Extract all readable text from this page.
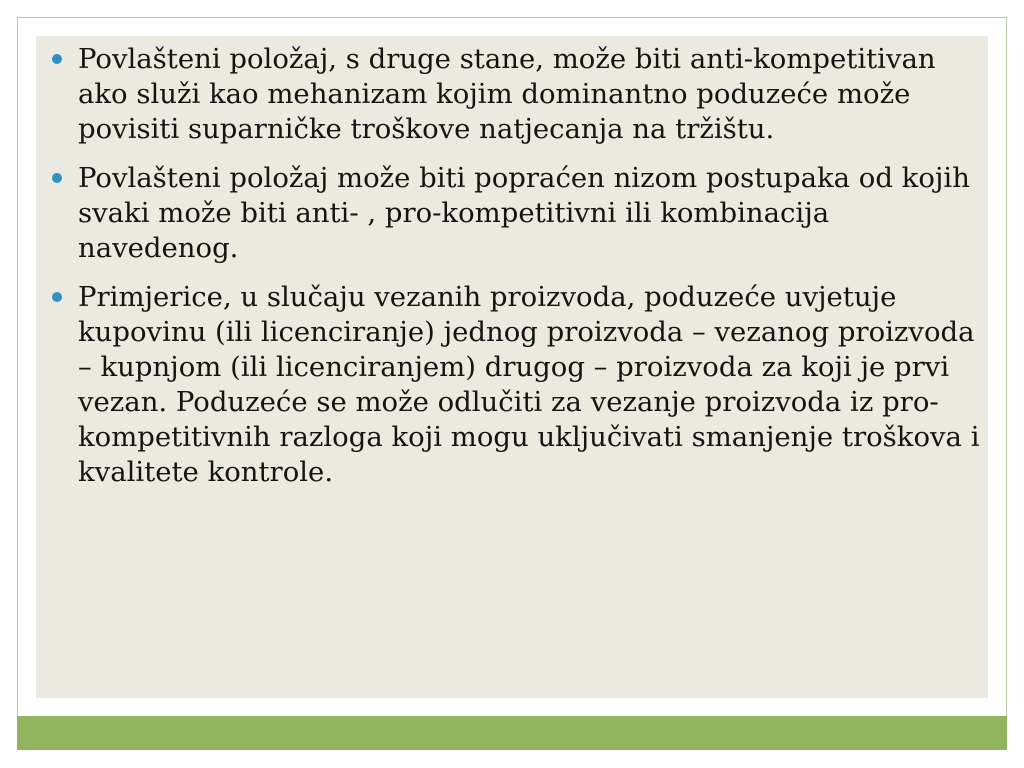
Povlašteni položaj, s druge stane, može biti anti-kompetitivan ako služi kao mehanizam kojim dominantno poduzeće može povisiti suparničke troškove natjecanja na tržištu.
Povlašteni položaj može biti popraćen nizom postupaka od kojih svaki može biti anti- , pro-kompetitivni ili kombinacija navedenog.
Primjerice, u slučaju vezanih proizvoda, poduzeće uvjetuje kupovinu (ili licenciranje) jednog proizvoda – vezanog proizvoda – kupnjom (ili licenciranjem) drugog – proizvoda za koji je prvi vezan. Poduzeće se može odlučiti za vezanje proizvoda iz pro-kompetitivnih razloga koji mogu uključivati smanjenje troškova i kvalitete kontrole.
